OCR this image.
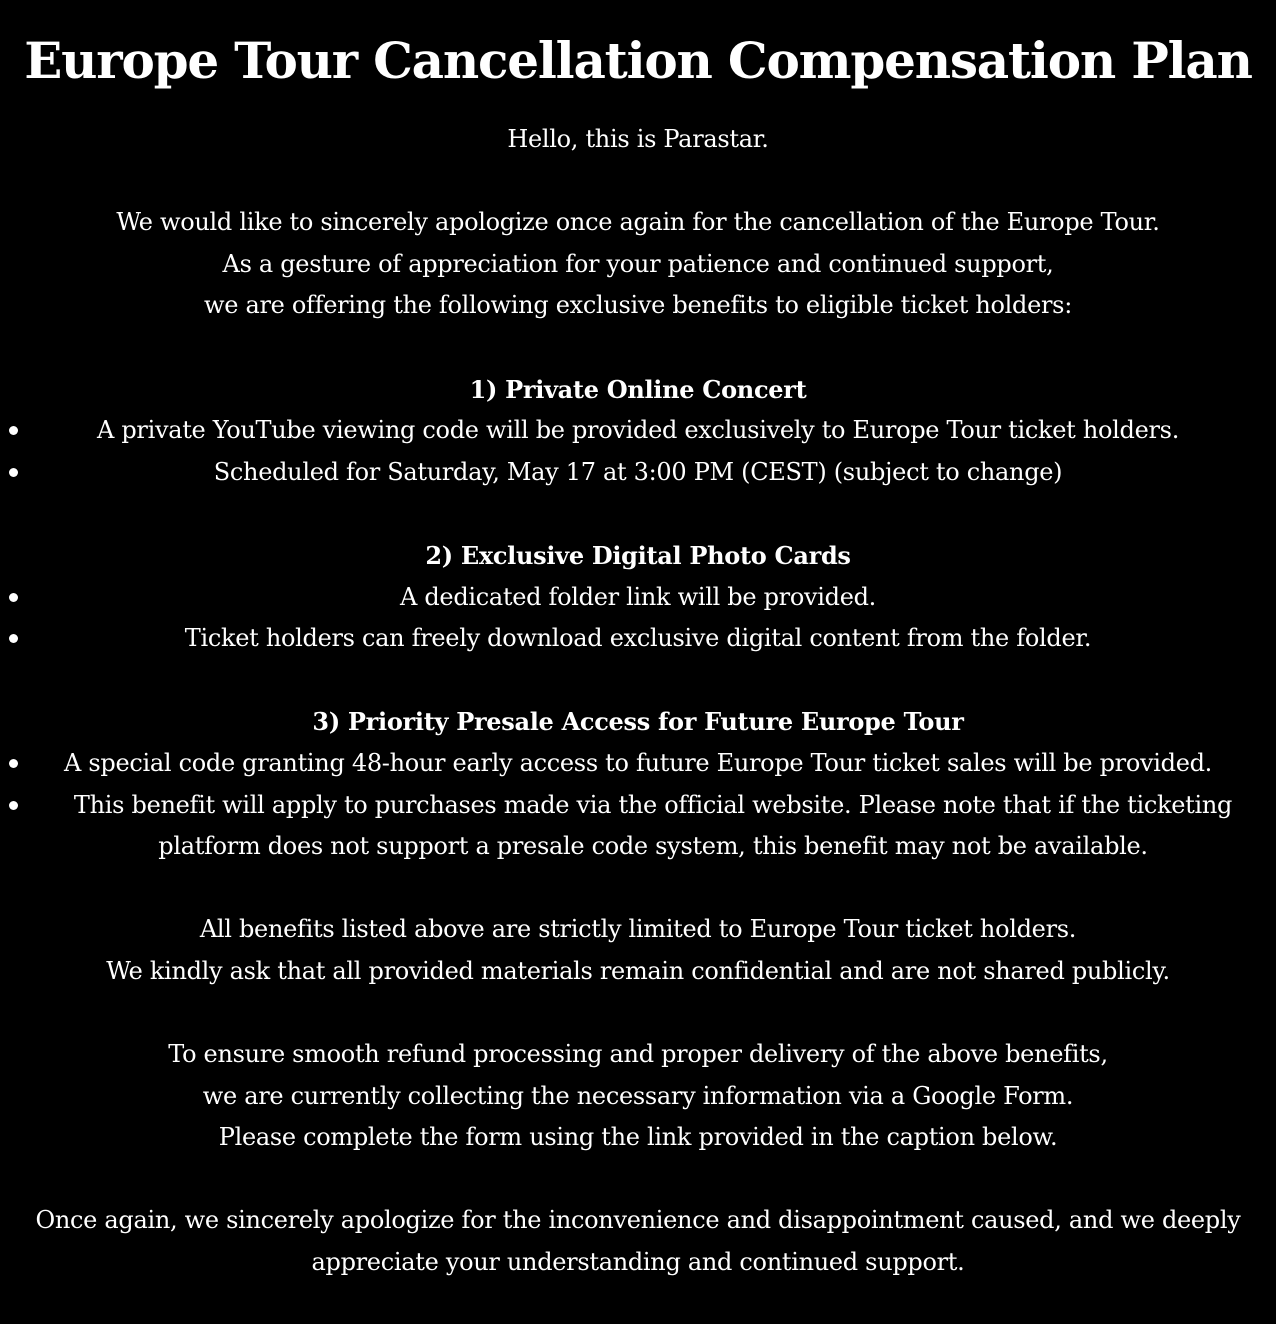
Europe Tour Cancellation Compensation Plan
Hello, this is Parastar.
We would like to sincerely apologize once again for the cancellation of the Europe Tour.
As a gesture of appreciation for your patience and continued support,
we are offering the following exclusive benefits to eligible ticket holders:
1) Private Online Concert
A private YouTube viewing code will be provided exclusively to Europe Tour ticket holders.
Scheduled for Saturday, May 17 at 3:00 PM (CEST) (subject to change)
2) Exclusive Digital Photo Cards
A dedicated folder link will be provided.
Ticket holders can freely download exclusive digital content from the folder.
3) Priority Presale Access for Future Europe Tour
A special code granting 48-hour early access to future Europe Tour ticket sales will be provided.
This benefit will apply to purchases made via the official website. Please note that if the ticketing platform does not support a presale code system, this benefit may not be available.
All benefits listed above are strictly limited to Europe Tour ticket holders.
We kindly ask that all provided materials remain confidential and are not shared publicly.
To ensure smooth refund processing and proper delivery of the above benefits,
we are currently collecting the necessary information via a Google Form.
Please complete the form using the link provided in the caption below.
Once again, we sincerely apologize for the inconvenience and disappointment caused, and we deeply appreciate your understanding and continued support.
